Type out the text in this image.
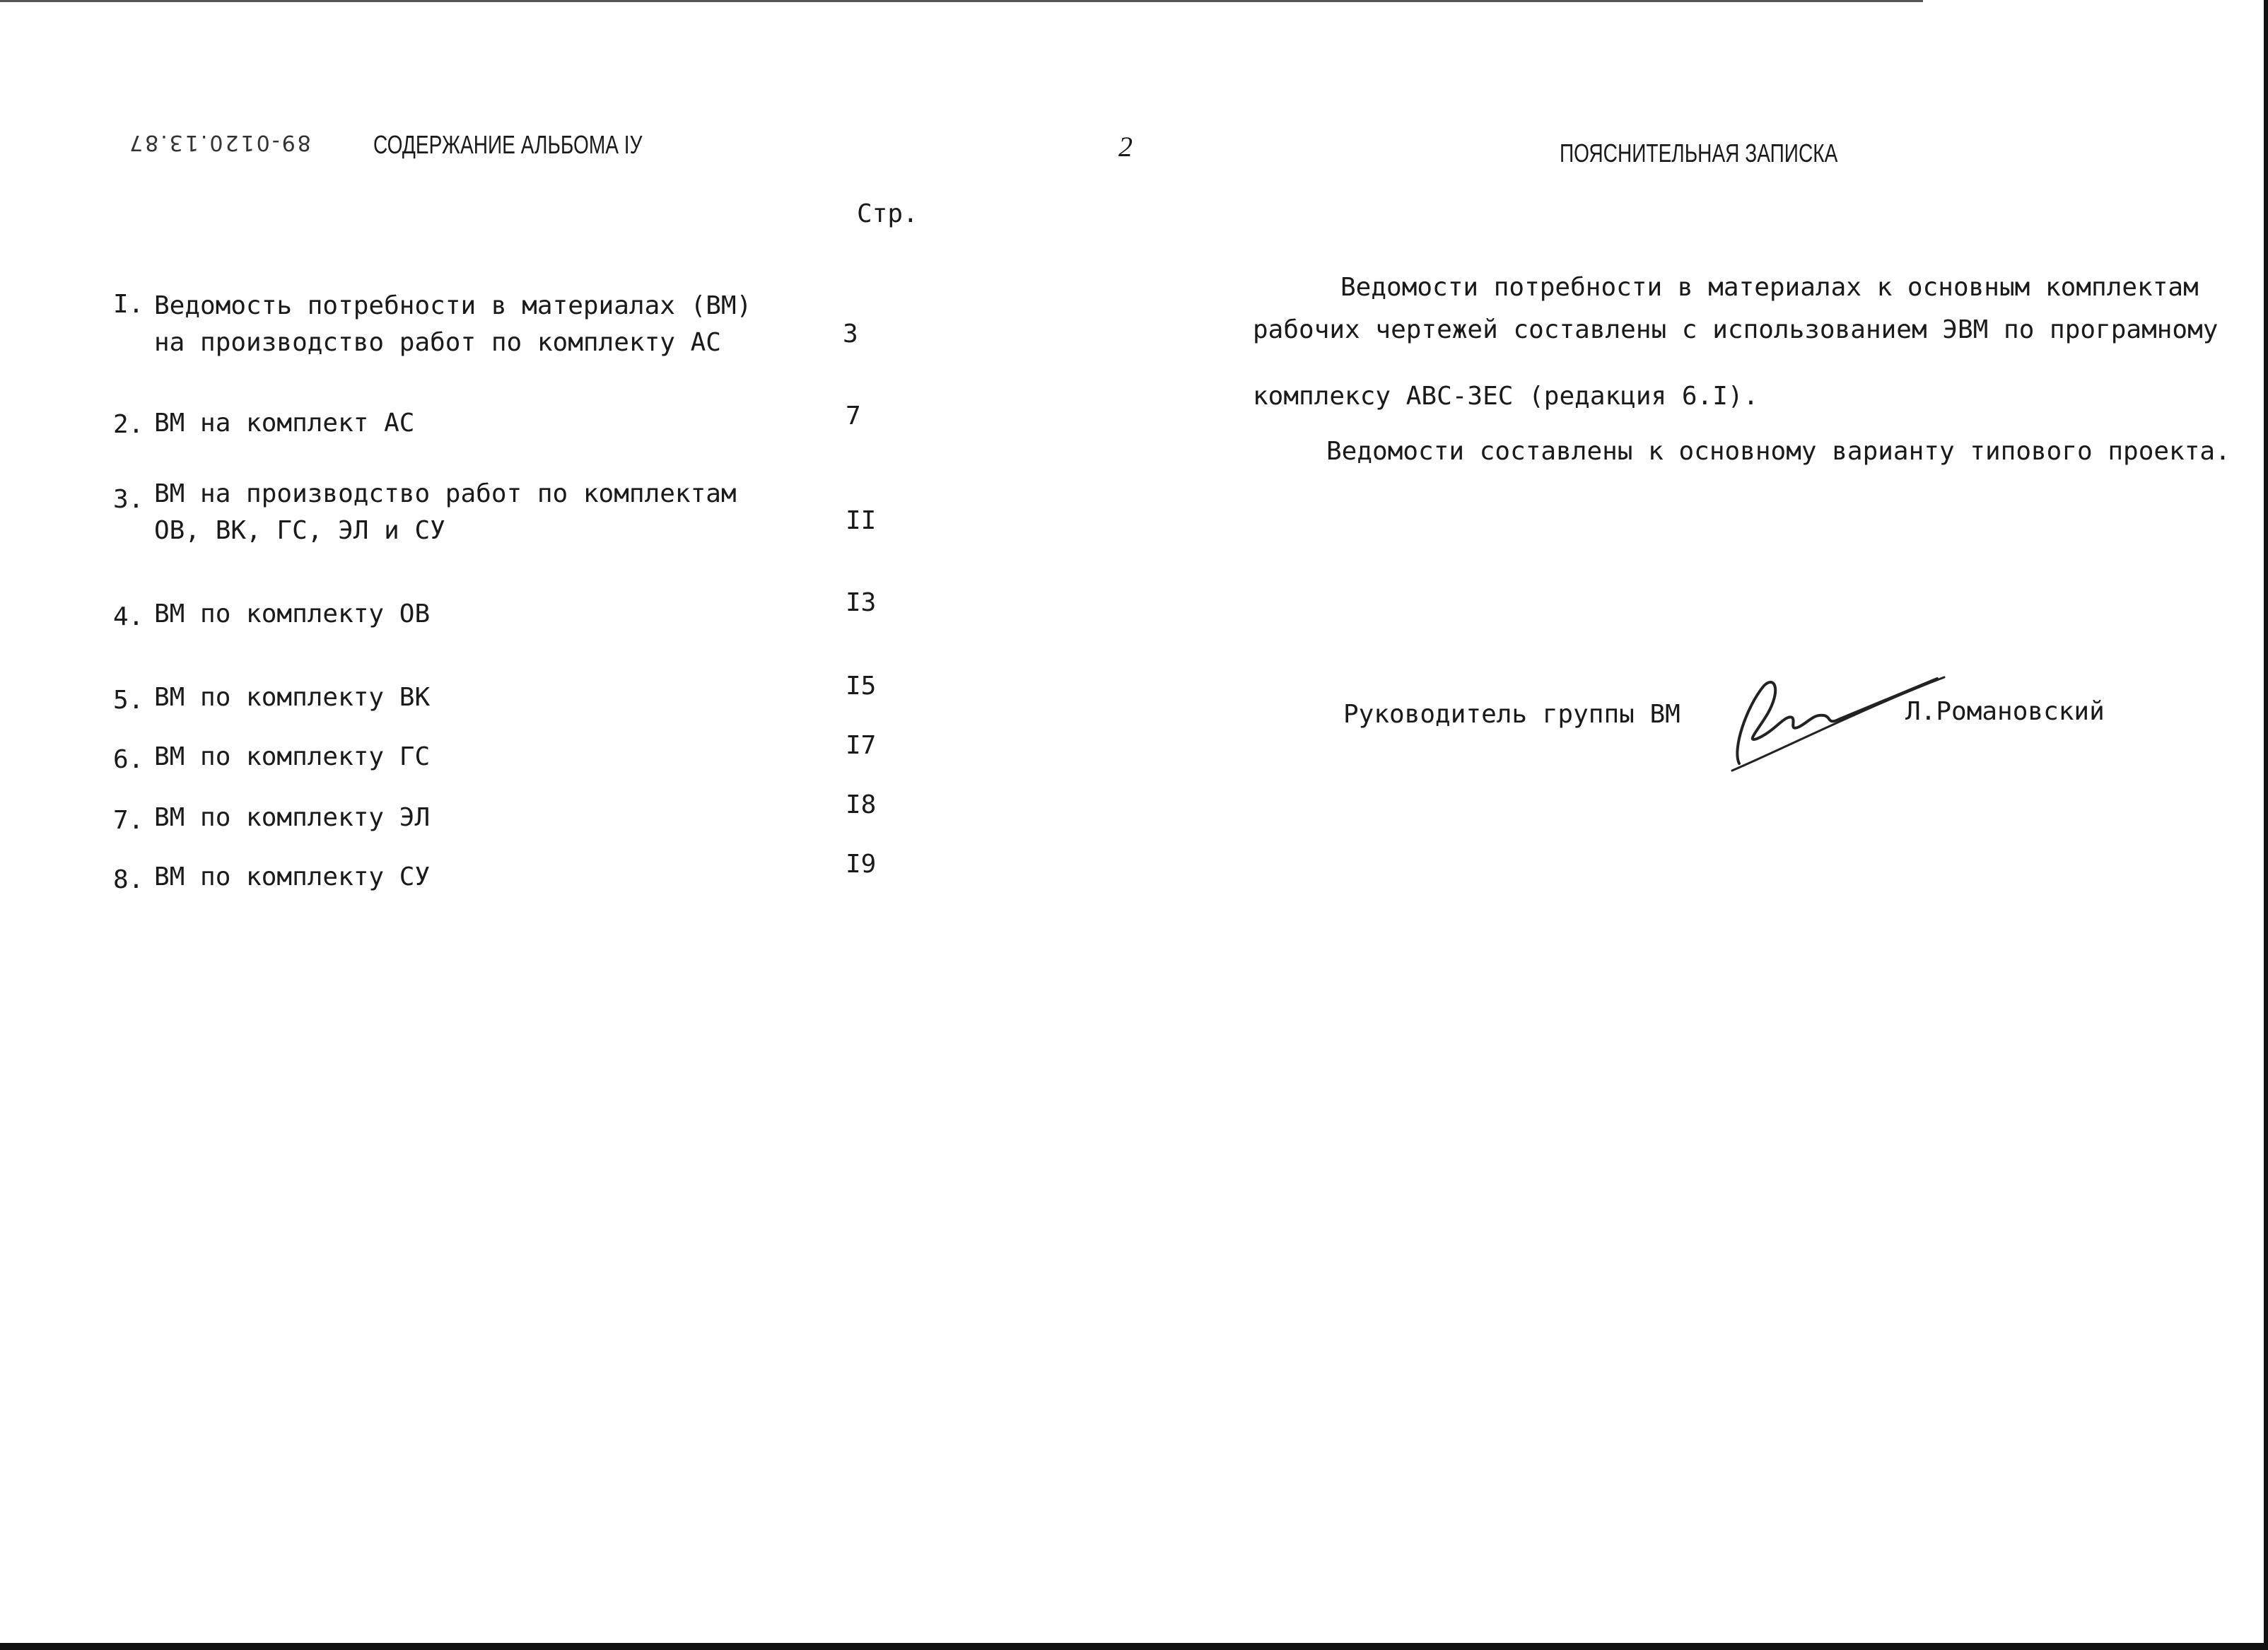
89-0120.13.87 СОДЕРЖАНИЕ АЛЬБОМА IУ	2
Стр.
I. Ведомость потребности в материалах (ВМ)
на производство работ по комплекту АС	3
2. ВМ на комплект АС	7
3. ВМ на производство работ по комплектам
ОВ, ВК, ГС, ЭЛ и СУ	II
4. ВМ по комплекту ОВ	I3
5. ВМ по комплекту ВК	I5
6. ВМ по комплекту ГС	I7
7. ВМ по комплекту ЭЛ	I8
8. ВМ по комплекту СУ	I9
ПОЯСНИТЕЛЬНАЯ ЗАПИСКА
Ведомости потребности в материалах к основным комплектам
рабочих чертежей составлены с использованием ЭВМ по програмному
комплексу АВС-ЗЕС (редакция 6.I).
Ведомости составлены к основному варианту типового проекта.
Руководитель группы ВМ	Л.Романовский
